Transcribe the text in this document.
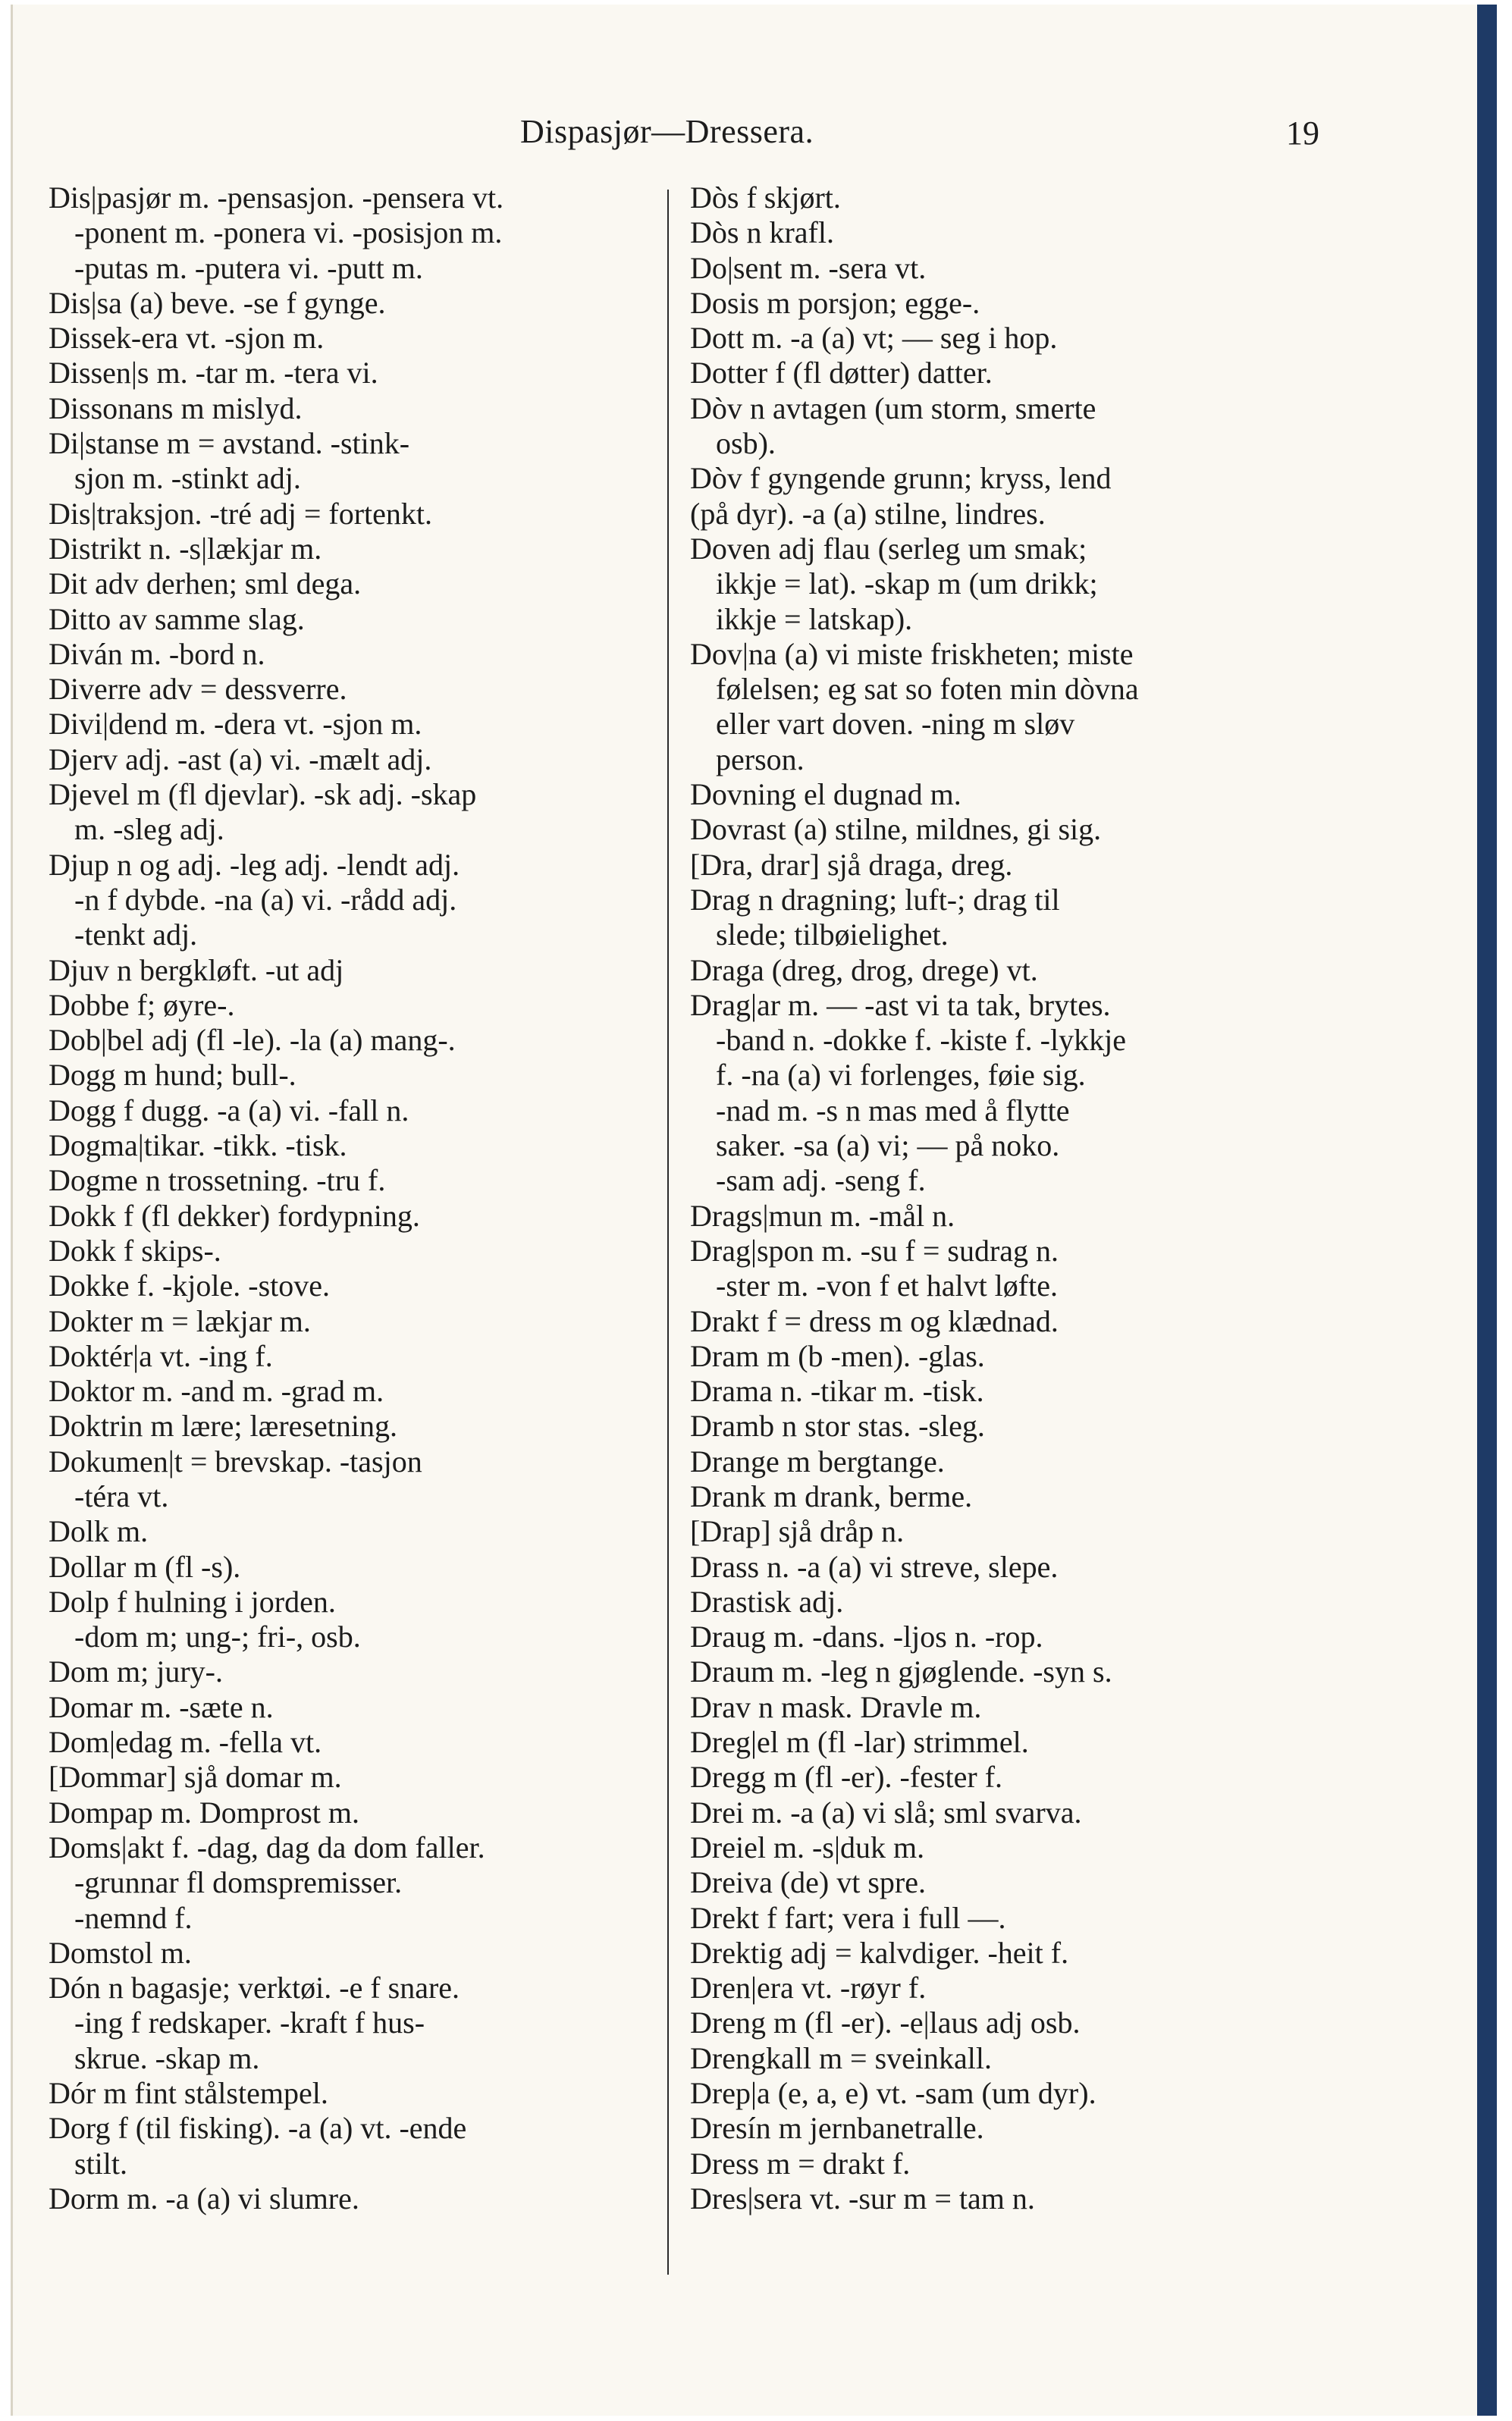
Dispasjør—Dressera.	19
Dis|pasjør m. -pensasjon. -pensera vt.
-ponent m. -ponera vi. -posisjon m.
-putas m. -putera vi. -putt m.
Dis|sa (a) beve. -se f gynge.
Dissek-era vt. -sjon m.
Dissen|s m. -tar m. -tera vi.
Dissonans m mislyd.
Di|stanse m = avstand. -stink-
sjon m. -stinkt adj.
Dis|traksjon. -tré adj = fortenkt.
Distrikt n. -s|lækjar m.
Dit adv derhen; sml dega.
Ditto av samme slag.
Diván m. -bord n.
Diverre adv = dessverre.
Divi|dend m. -dera vt. -sjon m.
Djerv adj. -ast (a) vi. -mælt adj.
Djevel m (fl djevlar). -sk adj. -skap
m. -sleg adj.
Djup n og adj. -leg adj. -lendt adj.
-n f dybde. -na (a) vi. -rådd adj.
-tenkt adj.
Djuv n bergkløft. -ut adj
Dobbe f; øyre-.
Dob|bel adj (fl -le). -la (a) mang-.
Dogg m hund; bull-.
Dogg f dugg. -a (a) vi. -fall n.
Dogma|tikar. -tikk. -tisk.
Dogme n trossetning. -tru f.
Dokk f (fl dekker) fordypning.
Dokk f skips-.
Dokke f. -kjole. -stove.
Dokter m = lækjar m.
Doktér|a vt. -ing f.
Doktor m. -and m. -grad m.
Doktrin m lære; læresetning.
Dokumen|t = brevskap. -tasjon
-téra vt.
Dolk m.
Dollar m (fl -s).
Dolp f hulning i jorden.
-dom m; ung-; fri-, osb.
Dom m; jury-.
Domar m. -sæte n.
Dom|edag m. -fella vt.
[Dommar] sjå domar m.
Dompap m. Domprost m.
Doms|akt f. -dag, dag da dom faller.
-grunnar fl domspremisser.
-nemnd f.
Domstol m.
Dón n bagasje; verktøi. -e f snare.
-ing f redskaper. -kraft f hus-
skrue. -skap m.
Dór m fint stålstempel.
Dorg f (til fisking). -a (a) vt. -ende
stilt.
Dorm m. -a (a) vi slumre.
Dòs f skjørt.
Dòs n krafl.
Do|sent m. -sera vt.
Dosis m porsjon; egge-.
Dott m. -a (a) vt; — seg i hop.
Dotter f (fl døtter) datter.
Dòv n avtagen (um storm, smerte
osb).
Dòv f gyngende grunn; kryss, lend
(på dyr). -a (a) stilne, lindres.
Doven adj flau (serleg um smak;
ikkje = lat). -skap m (um drikk;
ikkje = latskap).
Dov|na (a) vi miste friskheten; miste
følelsen; eg sat so foten min dòvna
eller vart doven. -ning m sløv
person.
Dovning el dugnad m.
Dovrast (a) stilne, mildnes, gi sig.
[Dra, drar] sjå draga, dreg.
Drag n dragning; luft-; drag til
slede; tilbøielighet.
Draga (dreg, drog, drege) vt.
Drag|ar m. — -ast vi ta tak, brytes.
-band n. -dokke f. -kiste f. -lykkje
f. -na (a) vi forlenges, føie sig.
-nad m. -s n mas med å flytte
saker. -sa (a) vi; — på noko.
-sam adj. -seng f.
Drags|mun m. -mål n.
Drag|spon m. -su f = sudrag n.
-ster m. -von f et halvt løfte.
Drakt f = dress m og klædnad.
Dram m (b -men). -glas.
Drama n. -tikar m. -tisk.
Dramb n stor stas. -sleg.
Drange m bergtange.
Drank m drank, berme.
[Drap] sjå dråp n.
Drass n. -a (a) vi streve, slepe.
Drastisk adj.
Draug m. -dans. -ljos n. -rop.
Draum m. -leg n gjøglende. -syn s.
Drav n mask. Dravle m.
Dreg|el m (fl -lar) strimmel.
Dregg m (fl -er). -fester f.
Drei m. -a (a) vi slå; sml svarva.
Dreiel m. -s|duk m.
Dreiva (de) vt spre.
Drekt f fart; vera i full —.
Drektig adj = kalvdiger. -heit f.
Dren|era vt. -røyr f.
Dreng m (fl -er). -e|laus adj osb.
Drengkall m = sveinkall.
Drep|a (e, a, e) vt. -sam (um dyr).
Dresín m jernbanetralle.
Dress m = drakt f.
Dres|sera vt. -sur m = tam n.
